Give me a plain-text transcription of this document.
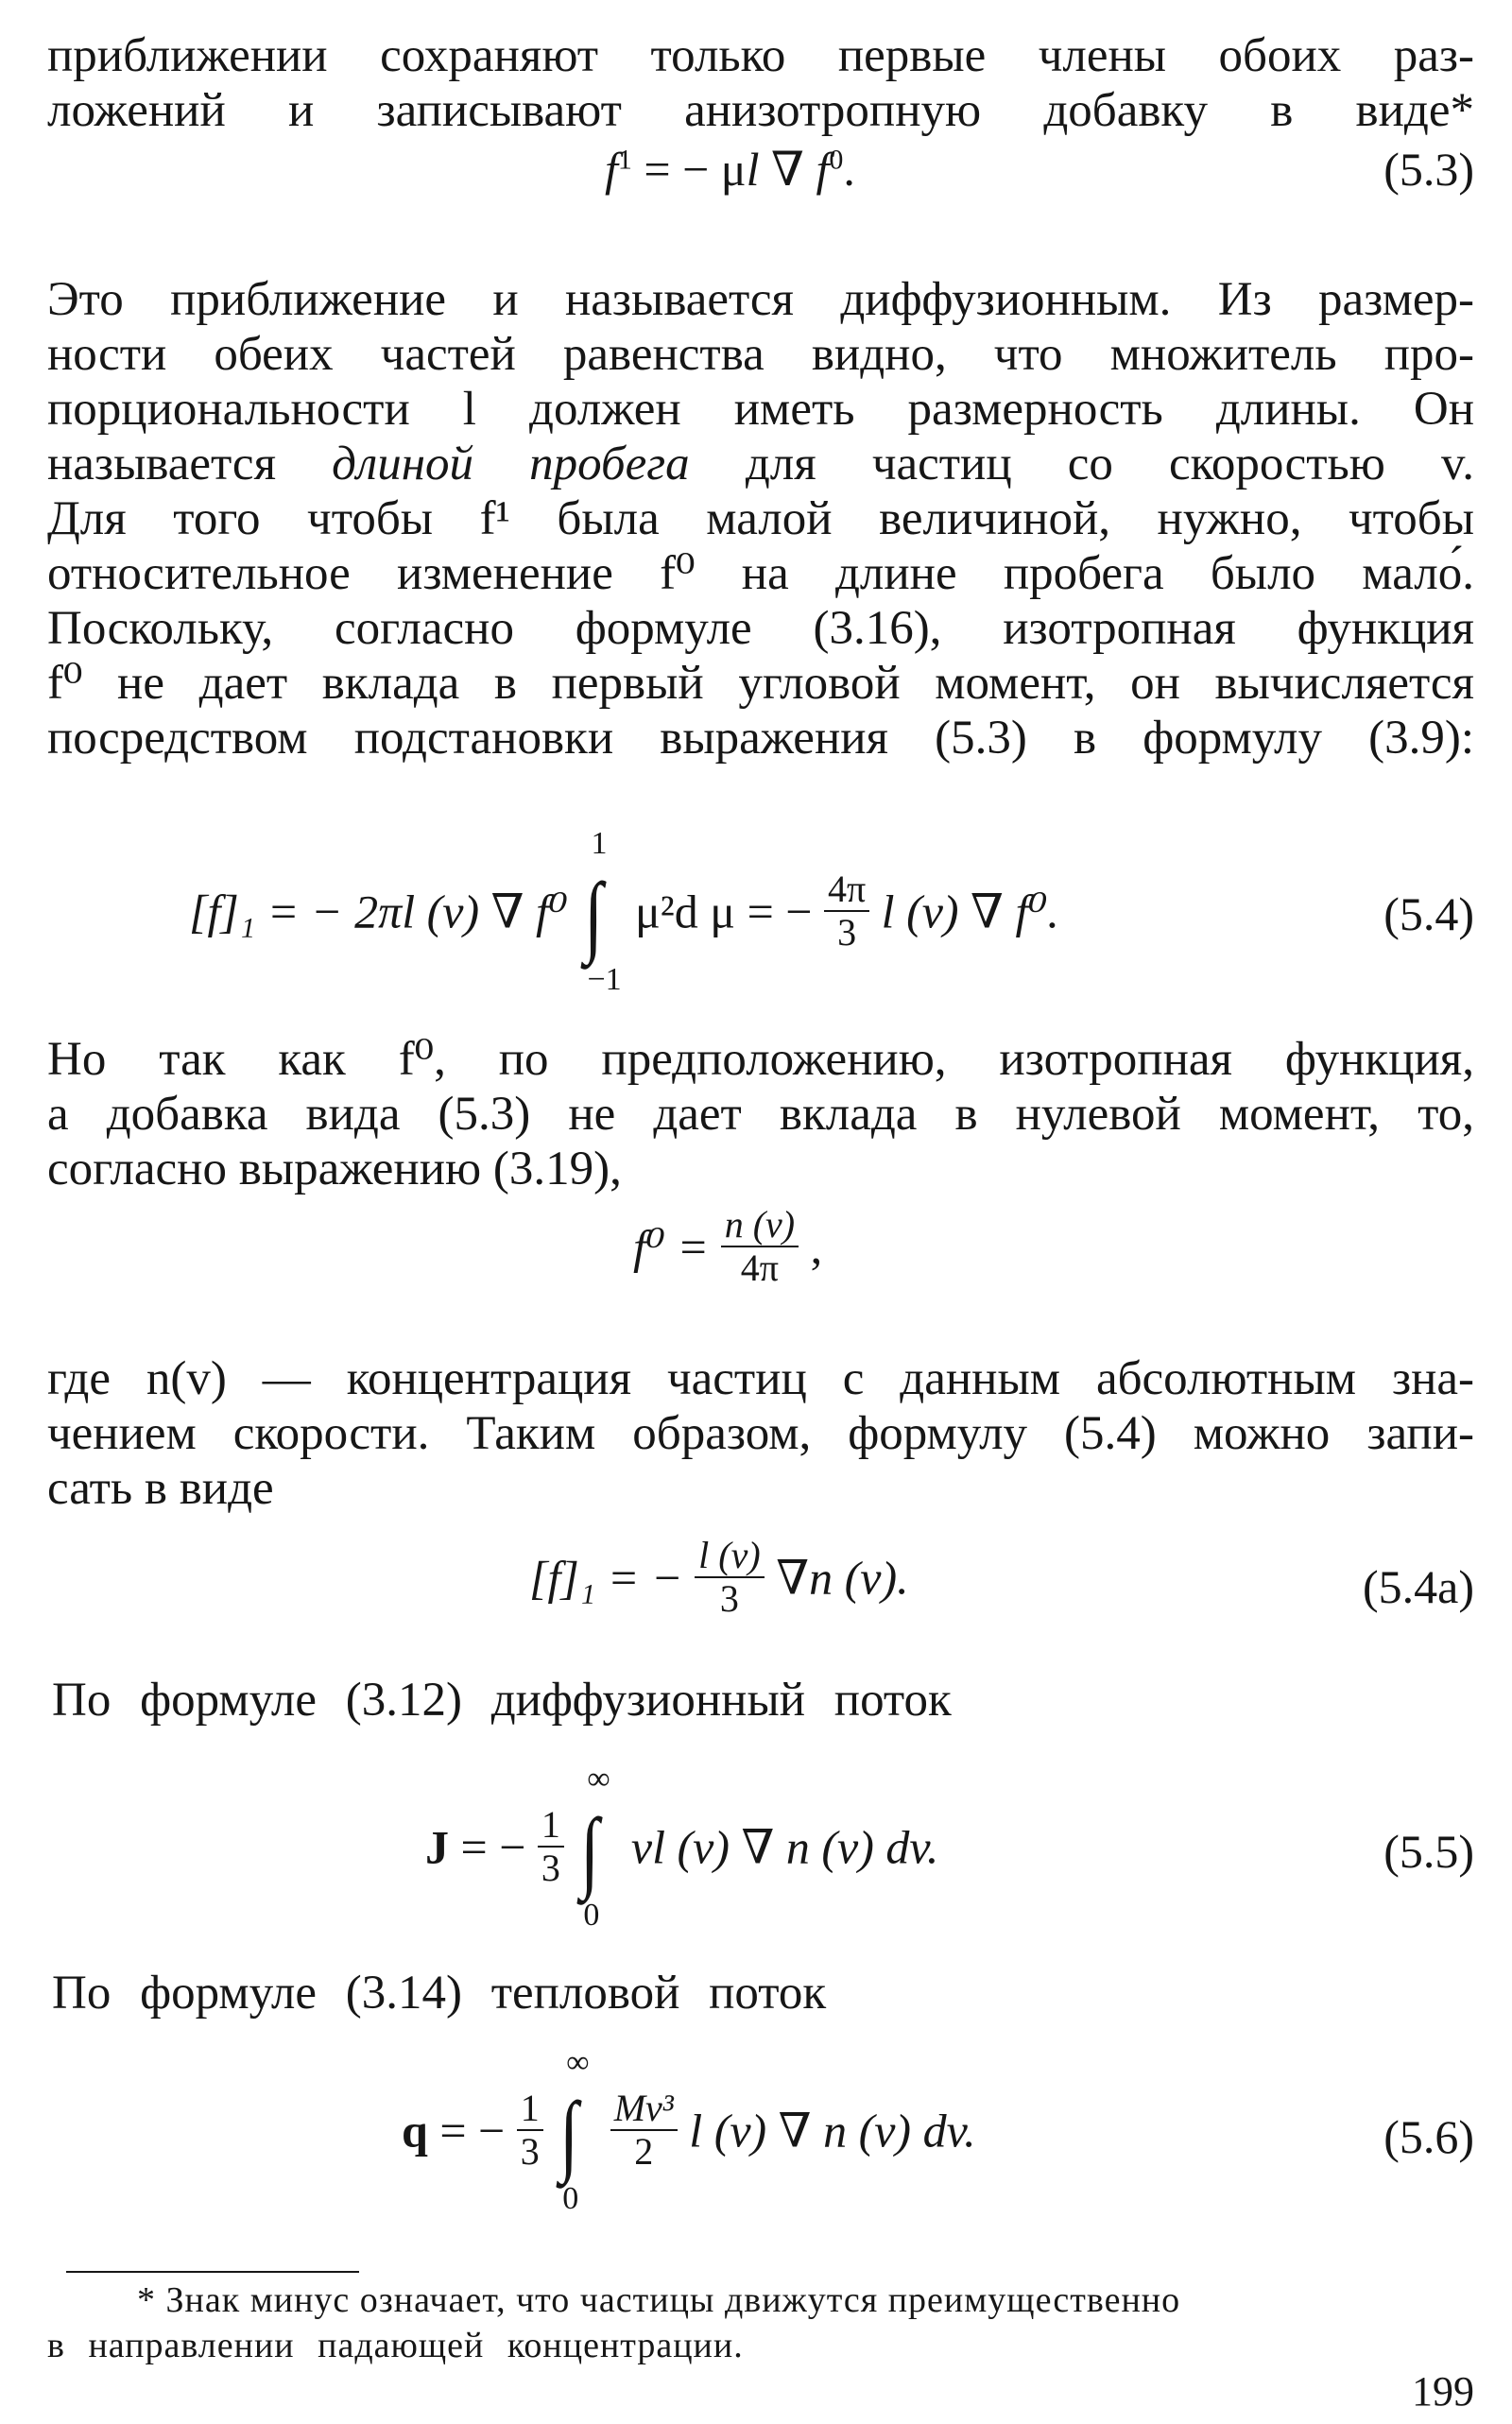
приближении сохраняют только первые члены обоих раз-
ложений и записывают анизотропную добавку в виде*
$f^1$ = − μl ∇ $f^0$.	(5.3)
Это приближение и называется диффузионным. Из размер-
ности обеих частей равенства видно, что множитель про-
порциональности l должен иметь размерность длины. Он
называется длиной пробега для частиц со скоростью v.
Для того чтобы f¹ была малой величиной, нужно, чтобы
относительное изменение f⁰ на длине пробега было мало́.
Поскольку, согласно формуле (3.16), изотропная функция
f⁰ не дает вклада в первый угловой момент, он вычисляется
посредством подстановки выражения (5.3) в формулу (3.9):
[f]₁ = − 2πl (v) ∇ f⁰ ∫
1
−1
μ²d μ = − $\frac{4\pi}{3}$ l (v) ∇ f⁰.	(5.4)
Но так как f⁰, по предположению, изотропная функция,
а добавка вида (5.3) не дает вклада в нулевой момент, то,
согласно выражению (3.19),
$f^0 = \frac{n (v)}{4\pi}$ ,
где n(v) — концентрация частиц с данным абсолютным зна-
чением скорости. Таким образом, формулу (5.4) можно запи-
сать в виде
[f]₁ = − $\frac{l (v)}{3} \nabla n$ (v).	(5.4a)
По формуле (3.12) диффузионный поток
J = − $\frac{1}{3}$
∫
∞
0
vl (v) ∇ n (v) dv.	(5.5)
По формуле (3.14) тепловой поток
q = − $\frac{1}{3}$
∫
∞
0

$\frac{\text{Mv³}}{2}$ l (v) ∇ n (v) dv.	(5.6)
* Знак минус означает, что частицы движутся преимущественно
в направлении падающей концентрации.
199
